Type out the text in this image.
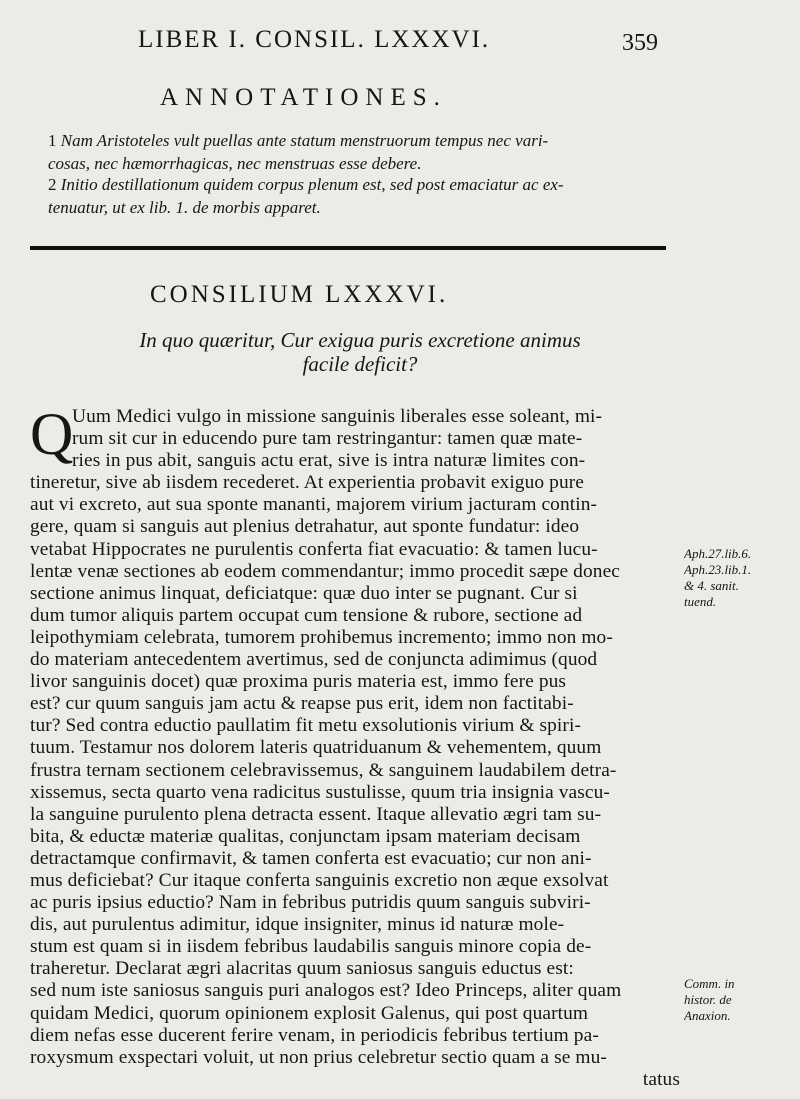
LIBER I. CONSIL. LXXXVI.	359
ANNOTATIONES.
1 Nam Aristoteles vult puellas ante statum menstruorum tempus nec vari-
cosas, nec hæmorrhagicas, nec menstruas esse debere.
2 Initio destillationum quidem corpus plenum est, sed post emaciatur ac ex-
tenuatur, ut ex lib. 1. de morbis apparet.
CONSILIUM LXXXVI.
In quo quæritur, Cur exigua puris excretione animus
facile deficit?
Q
Uum Medici vulgo in missione sanguinis liberales esse soleant, mi-
rum sit cur in educendo pure tam restringantur: tamen quæ mate-
ries in pus abit, sanguis actu erat, sive is intra naturæ limites con-
tineretur, sive ab iisdem recederet. At experientia probavit exiguo pure
aut vi excreto, aut sua sponte mananti, majorem virium jacturam contin-
gere, quam si sanguis aut plenius detrahatur, aut sponte fundatur: ideo
vetabat Hippocrates ne purulentis conferta fiat evacuatio: & tamen lucu-
lentæ venæ sectiones ab eodem commendantur; immo procedit sæpe donec
sectione animus linquat, deficiatque: quæ duo inter se pugnant. Cur si
dum tumor aliquis partem occupat cum tensione & rubore, sectione ad
leipothymiam celebrata, tumorem prohibemus incremento; immo non mo-
do materiam antecedentem avertimus, sed de conjuncta adimimus (quod
livor sanguinis docet) quæ proxima puris materia est, immo fere pus
est? cur quum sanguis jam actu & reapse pus erit, idem non factitabi-
tur? Sed contra eductio paullatim fit metu exsolutionis virium & spiri-
tuum. Testamur nos dolorem lateris quatriduanum & vehementem, quum
frustra ternam sectionem celebravissemus, & sanguinem laudabilem detra-
xissemus, secta quarto vena radicitus sustulisse, quum tria insignia vascu-
la sanguine purulento plena detracta essent. Itaque allevatio ægri tam su-
bita, & eductæ materiæ qualitas, conjunctam ipsam materiam decisam
detractamque confirmavit, & tamen conferta est evacuatio; cur non ani-
mus deficiebat? Cur itaque conferta sanguinis excretio non æque exsolvat
ac puris ipsius eductio? Nam in febribus putridis quum sanguis subviri-
dis, aut purulentus adimitur, idque insigniter, minus id naturæ mole-
stum est quam si in iisdem febribus laudabilis sanguis minore copia de-
traheretur. Declarat ægri alacritas quum saniosus sanguis eductus est:
sed num iste saniosus sanguis puri analogos est? Ideo Princeps, aliter quam
quidam Medici, quorum opinionem explosit Galenus, qui post quartum
diem nefas esse ducerent ferire venam, in periodicis febribus tertium pa-
roxysmum exspectari voluit, ut non prius celebretur sectio quam a se mu-
tatus
Aph.27.lib.6.
Aph.23.lib.1.
& 4. sanit.
tuend.
Comm. in
histor. de
Anaxion.
